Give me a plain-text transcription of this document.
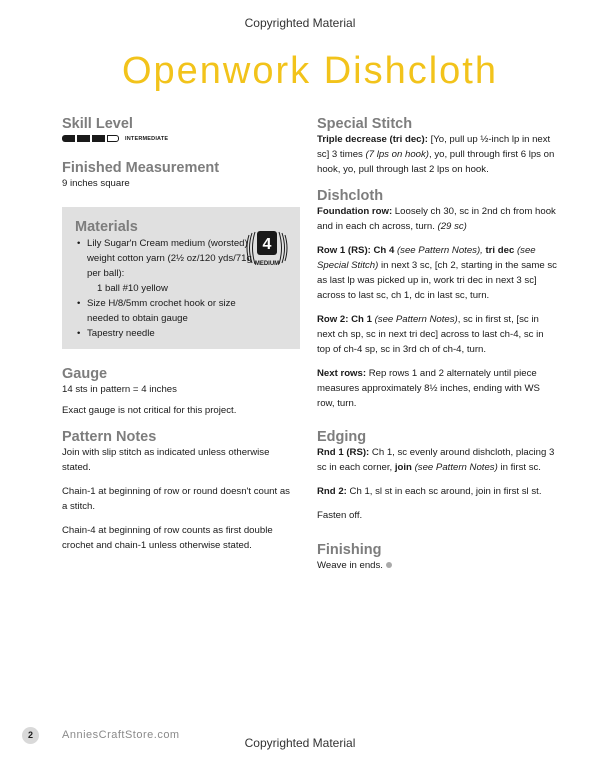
Copyrighted Material
Openwork Dishcloth
Skill Level
INTERMEDIATE
Finished Measurement

9 inches square

Materials
• Lily Sugar'n Cream medium (worsted) weight cotton yarn (2½ oz/120 yds/71g per ball):
1 ball #10 yellow
• Size H/8/5mm crochet hook or size needed to obtain gauge
• Tapestry needle
4
MEDIUM
Gauge

14 sts in pattern = 4 inches

Exact gauge is not critical for this project.

Pattern Notes

Join with slip stitch as indicated unless otherwise stated.

Chain-1 at beginning of row or round doesn't count as a stitch.

Chain-4 at beginning of row counts as first double crochet and chain-1 unless otherwise stated.

Special Stitch

Triple decrease (tri dec): [Yo, pull up ½-inch lp in next sc] 3 times (7 lps on hook), yo, pull through first 6 lps on hook, yo, pull through last 2 lps on hook.

Dishcloth

Foundation row: Loosely ch 30, sc in 2nd ch from hook and in each ch across, turn. (29 sc)

Row 1 (RS): Ch 4 (see Pattern Notes), tri dec (see Special Stitch) in next 3 sc, [ch 2, starting in the same sc as last lp was picked up in, work tri dec in next 3 sc] across to last sc, ch 1, dc in last sc, turn.

Row 2: Ch 1 (see Pattern Notes), sc in first st, [sc in next ch sp, sc in next tri dec] across to last ch-4, sc in top of ch-4 sp, sc in 3rd ch of ch-4, turn.

Next rows: Rep rows 1 and 2 alternately until piece measures approximately 8½ inches, ending with WS row, turn.

Edging

Rnd 1 (RS): Ch 1, sc evenly around dishcloth, placing 3 sc in each corner, join (see Pattern Notes) in first sc.

Rnd 2: Ch 1, sl st in each sc around, join in first sl st.

Fasten off.

Finishing

Weave in ends.

2	AnniesCraftStore.com
Copyrighted Material
